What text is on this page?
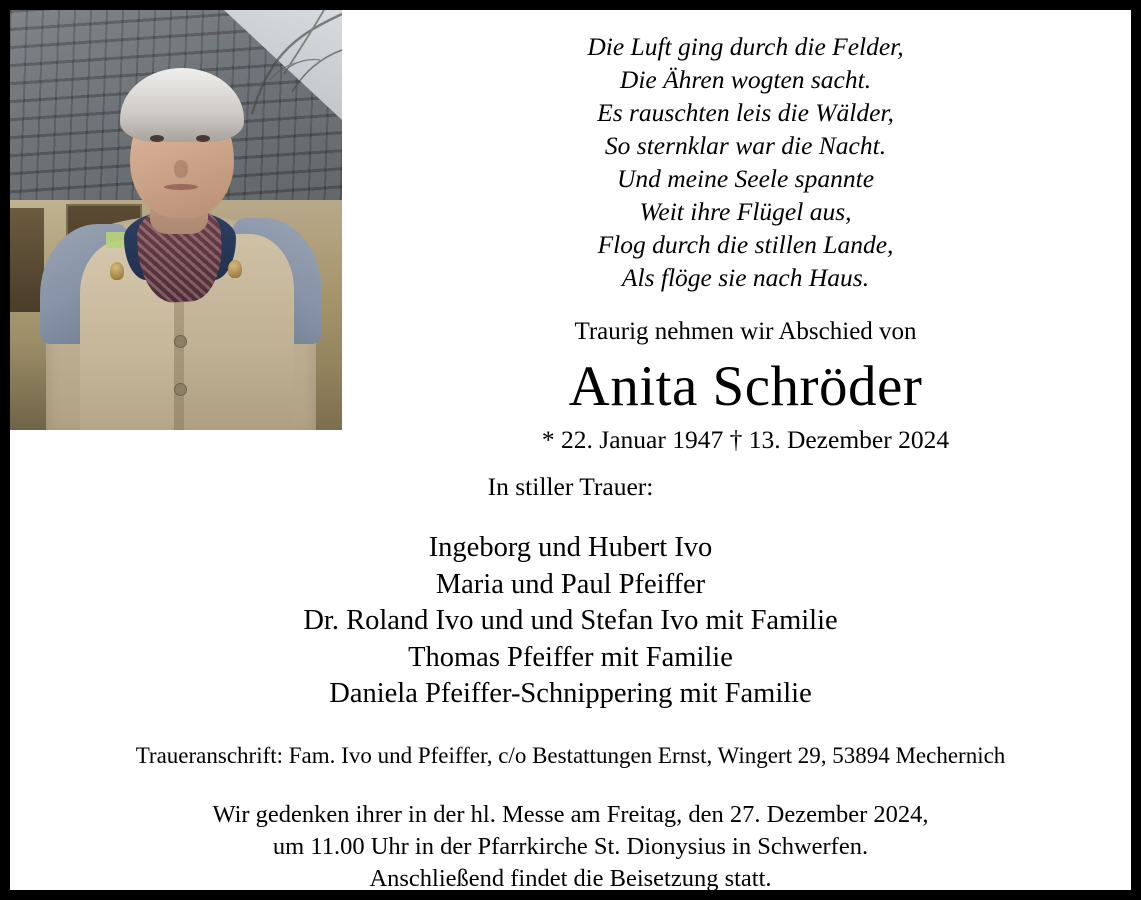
Die Luft ging durch die Felder,
Die Ähren wogten sacht.
Es rauschten leis die Wälder,
So sternklar war die Nacht.
Und meine Seele spannte
Weit ihre Flügel aus,
Flog durch die stillen Lande,
Als flöge sie nach Haus.
Traurig nehmen wir Abschied von
Anita Schröder
* 22. Januar 1947 † 13. Dezember 2024
In stiller Trauer:
Ingeborg und Hubert Ivo
Maria und Paul Pfeiffer
Dr. Roland Ivo und und Stefan Ivo mit Familie
Thomas Pfeiffer mit Familie
Daniela Pfeiffer-Schnippering mit Familie
Traueranschrift: Fam. Ivo und Pfeiffer, c/o Bestattungen Ernst, Wingert 29, 53894 Mechernich
Wir gedenken ihrer in der hl. Messe am Freitag, den 27. Dezember 2024,
um 11.00 Uhr in der Pfarrkirche St. Dionysius in Schwerfen.
Anschließend findet die Beisetzung statt.
